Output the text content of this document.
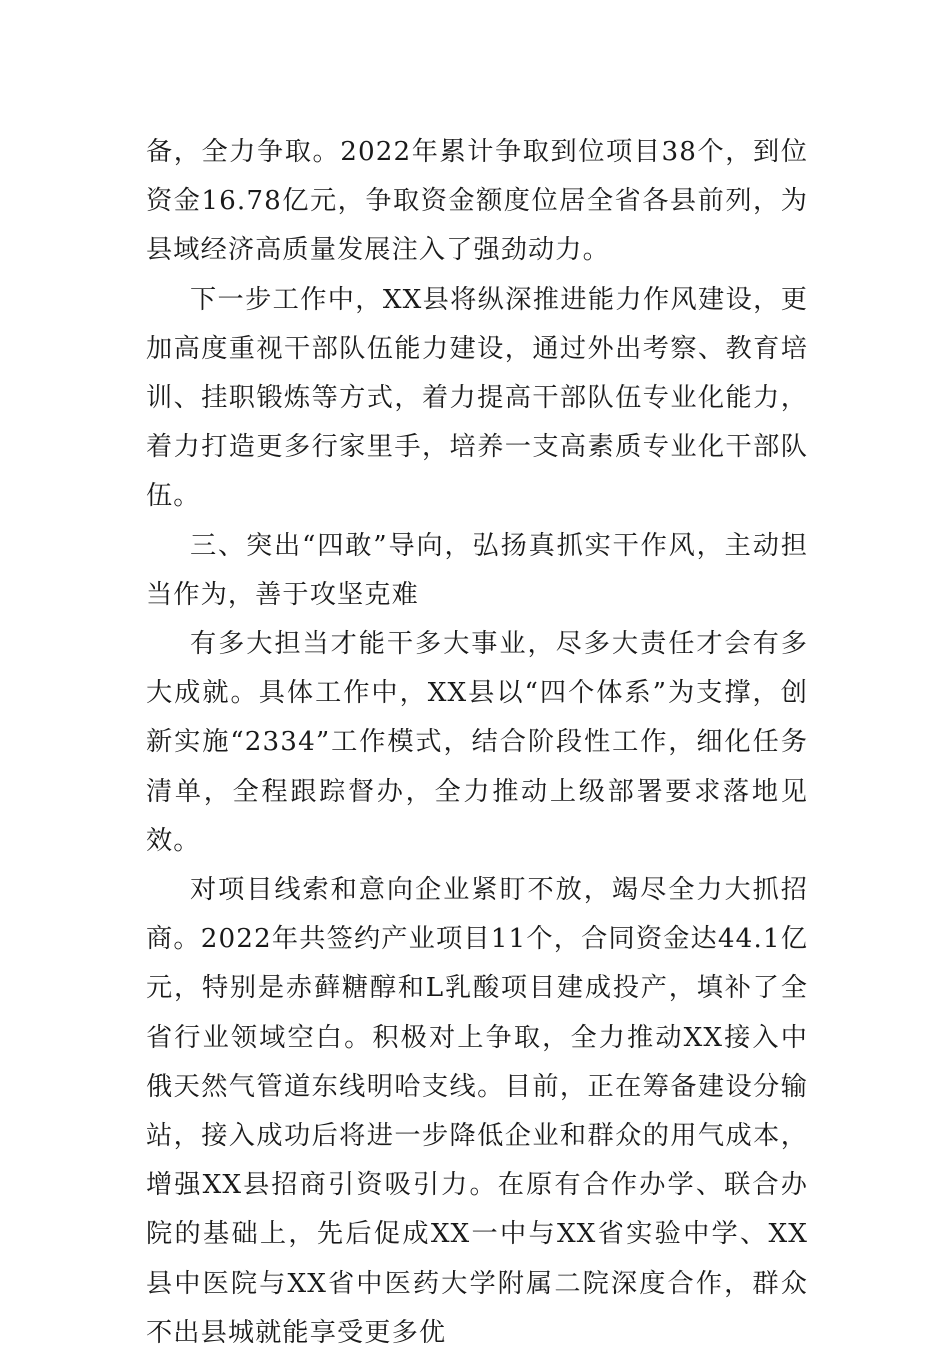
备，全力争取。2022年累计争取到位项目38个，到位资金16.78亿元，争取资金额度位居全省各县前列，为县域经济高质量发展注入了强劲动力。

下一步工作中，XX县将纵深推进能力作风建设，更加高度重视干部队伍能力建设，通过外出考察、教育培训、挂职锻炼等方式，着力提高干部队伍专业化能力，着力打造更多行家里手，培养一支高素质专业化干部队伍。

三、突出“四敢”导向，弘扬真抓实干作风，主动担当作为，善于攻坚克难

有多大担当才能干多大事业，尽多大责任才会有多大成就。具体工作中，XX县以“四个体系”为支撑，创新实施“2334”工作模式，结合阶段性工作，细化任务清单，全程跟踪督办，全力推动上级部署要求落地见效。

对项目线索和意向企业紧盯不放，竭尽全力大抓招商。2022年共签约产业项目11个，合同资金达44.1亿元，特别是赤藓糖醇和L乳酸项目建成投产，填补了全省行业领域空白。积极对上争取，全力推动XX接入中俄天然气管道东线明哈支线。目前，正在筹备建设分输站，接入成功后将进一步降低企业和群众的用气成本，增强XX县招商引资吸引力。在原有合作办学、联合办院的基础上，先后促成XX一中与XX省实验中学、XX县中医院与XX省中医药大学附属二院深度合作，群众不出县城就能享受更多优
